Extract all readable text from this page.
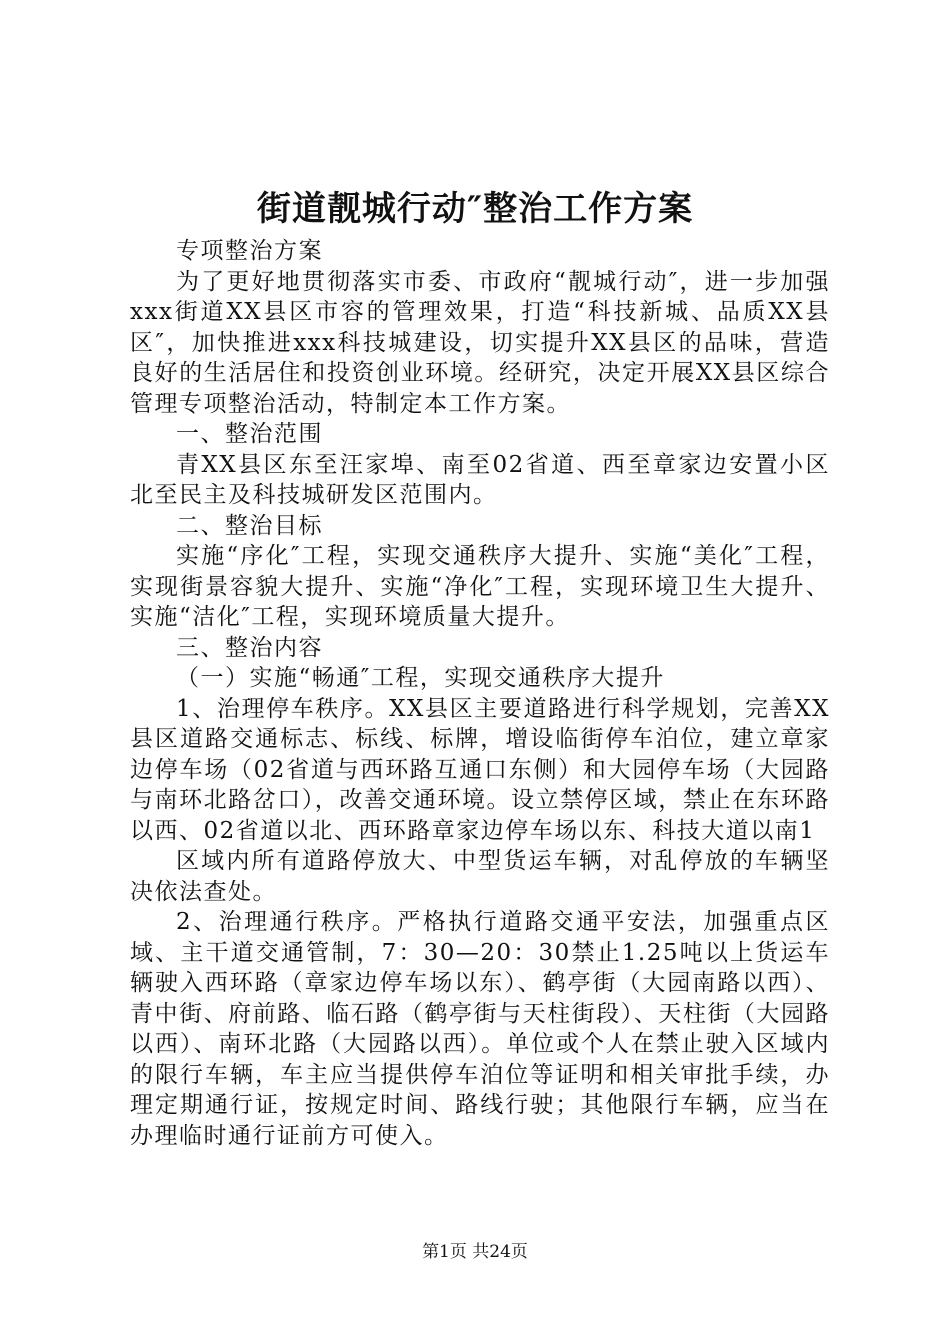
街道靓城行动″整治工作方案

专项整治方案

为了更好地贯彻落实市委、市政府“靓城行动″，进一步加强xxx街道XX县区市容的管理效果，打造“科技新城、品质XX县区″，加快推进xxx科技城建设，切实提升XX县区的品味，营造良好的生活居住和投资创业环境。经研究，决定开展XX县区综合管理专项整治活动，特制定本工作方案。

一、整治范围

青XX县区东至汪家埠、南至02省道、西至章家边安置小区北至民主及科技城研发区范围内。

二、整治目标

实施“序化″工程，实现交通秩序大提升、实施“美化″工程，实现街景容貌大提升、实施“净化″工程，实现环境卫生大提升、实施“洁化″工程，实现环境质量大提升。

三、整治内容

（一）实施“畅通″工程，实现交通秩序大提升

1、治理停车秩序。XX县区主要道路进行科学规划，完善XX县区道路交通标志、标线、标牌，增设临街停车泊位，建立章家边停车场（02省道与西环路互通口东侧）和大园停车场（大园路与南环北路岔口），改善交通环境。设立禁停区域，禁止在东环路以西、02省道以北、西环路章家边停车场以东、科技大道以南1

区域内所有道路停放大、中型货运车辆，对乱停放的车辆坚决依法查处。

2、治理通行秩序。严格执行道路交通平安法，加强重点区域、主干道交通管制，7：30—20：30禁止1.25吨以上货运车辆驶入西环路（章家边停车场以东）、鹤亭街（大园南路以西）、青中街、府前路、临石路（鹤亭街与天柱街段）、天柱街（大园路以西）、南环北路（大园路以西）。单位或个人在禁止驶入区域内的限行车辆，车主应当提供停车泊位等证明和相关审批手续，办理定期通行证，按规定时间、路线行驶；其他限行车辆，应当在办理临时通行证前方可使入。

第1页 共24页
